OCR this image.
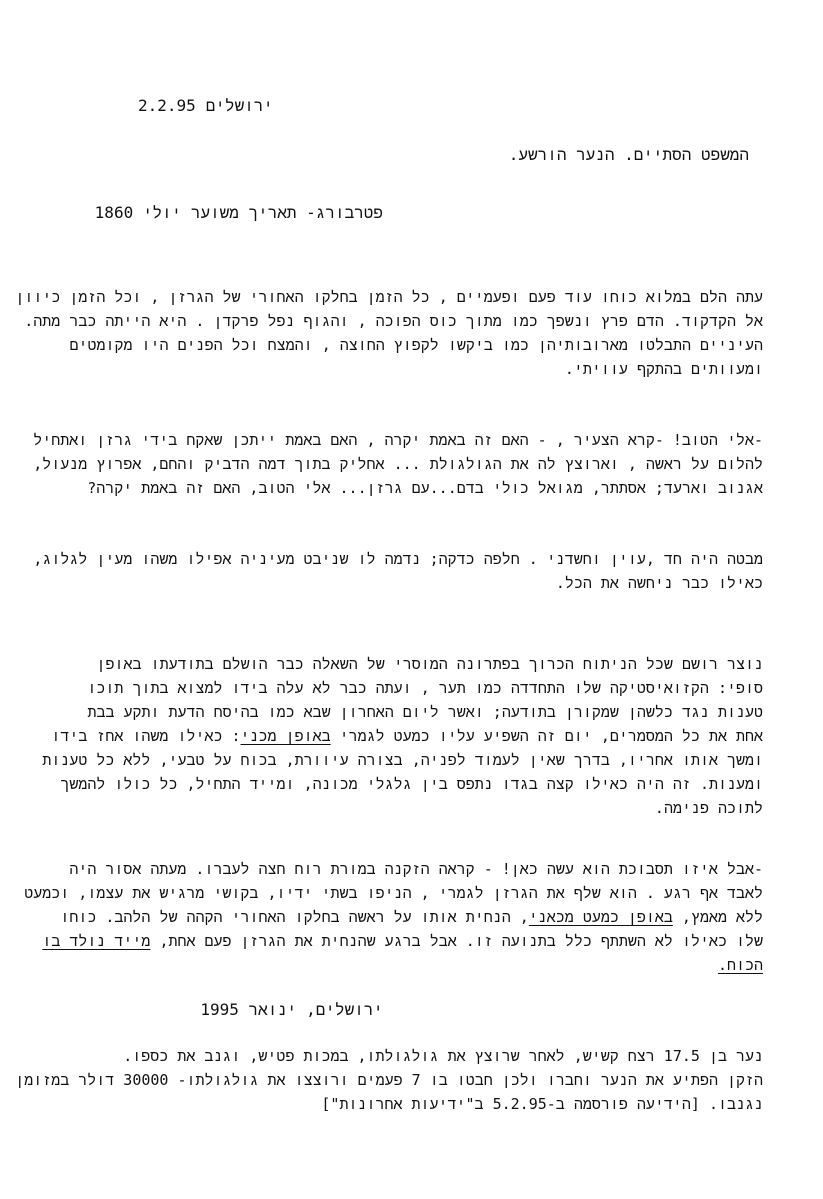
ירושלים
2.2.95
המשפט הסתיים. הנער הורשע.
פטרבורג- תאריך משוער יולי 1860
עתה הלם במלוא כוחו עוד פעם ופעמיים , כל הזמן בחלקו האחורי של הגרזן , וכל הזמן כיוון
אל הקדקוד. הדם פרץ ונשפך כמו מתוך כוס הפוכה , והגוף נפל פרקדן . היא הייתה כבר מתה.
העיניים התבלטו מארובותיהן כמו ביקשו לקפוץ החוצה , והמצח וכל הפנים היו מקומטים
ומעוותים בהתקף עוויתי.
-אלי הטוב! -קרא הצעיר , - האם זה באמת יקרה , האם באמת ייתכן שאקח בידי גרזן ואתחיל
להלום על ראשה , וארוצץ לה את הגולגולת ... אחליק בתוך דמה הדביק והחם, אפרוץ מנעול,
אגנוב וארעד; אסתתר, מגואל כולי בדם...עם גרזן... אלי הטוב, האם זה באמת יקרה?
מבטה היה חד ,עוין וחשדני . חלפה כדקה; נדמה לו שניבט מעיניה אפילו משהו מעין לגלוג,
כאילו כבר ניחשה את הכל.
נוצר רושם שכל הניתוח הכרוך בפתרונה המוסרי של השאלה כבר הושלם בתודעתו באופן
סופי: הקזואיסטיקה שלו התחדדה כמו תער , ועתה כבר לא עלה בידו למצוא בתוך תוכו
טענות נגד כלשהן שמקורן בתודעה; ואשר ליום האחרון שבא כמו בהיסח הדעת ותקע בבת
אחת את כל המסמרים, יום זה השפיע עליו כמעט לגמרי באופן מכני: כאילו משהו אחז בידו
ומשך אותו אחריו, בדרך שאין לעמוד לפניה, בצורה עיוורת, בכוח על טבעי, ללא כל טענות
ומענות. זה היה כאילו קצה בגדו נתפס בין גלגלי מכונה, ומייד התחיל, כל כולו להמשך
לתוכה פנימה.
-אבל איזו תסבוכת הוא עשה כאן! - קראה הזקנה במורת רוח חצה לעברו. מעתה אסור היה
לאבד אף רגע . הוא שלף את הגרזן לגמרי , הניפו בשתי ידיו, בקושי מרגיש את עצמו, וכמעט
ללא מאמץ, באופן כמעט מכאני, הנחית אותו על ראשה בחלקו האחורי הקהה של הלהב. כוחו
שלו כאילו לא השתתף כלל בתנועה זו. אבל ברגע שהנחית את הגרזן פעם אחת, מייד נולד בו
הכוח.
ירושלים, ינואר 1995
נער בן 17.5 רצח קשיש, לאחר שרוצץ את גולגולתו, במכות פטיש, וגנב את כספו.
הזקן הפתיע את הנער וחברו ולכן חבטו בו 7 פעמים ורוצצו את גולגולתו- 30000 דולר במזומן
נגנבו. [הידיעה פורסמה ב-5.2.95 ב"ידיעות אחרונות"]
